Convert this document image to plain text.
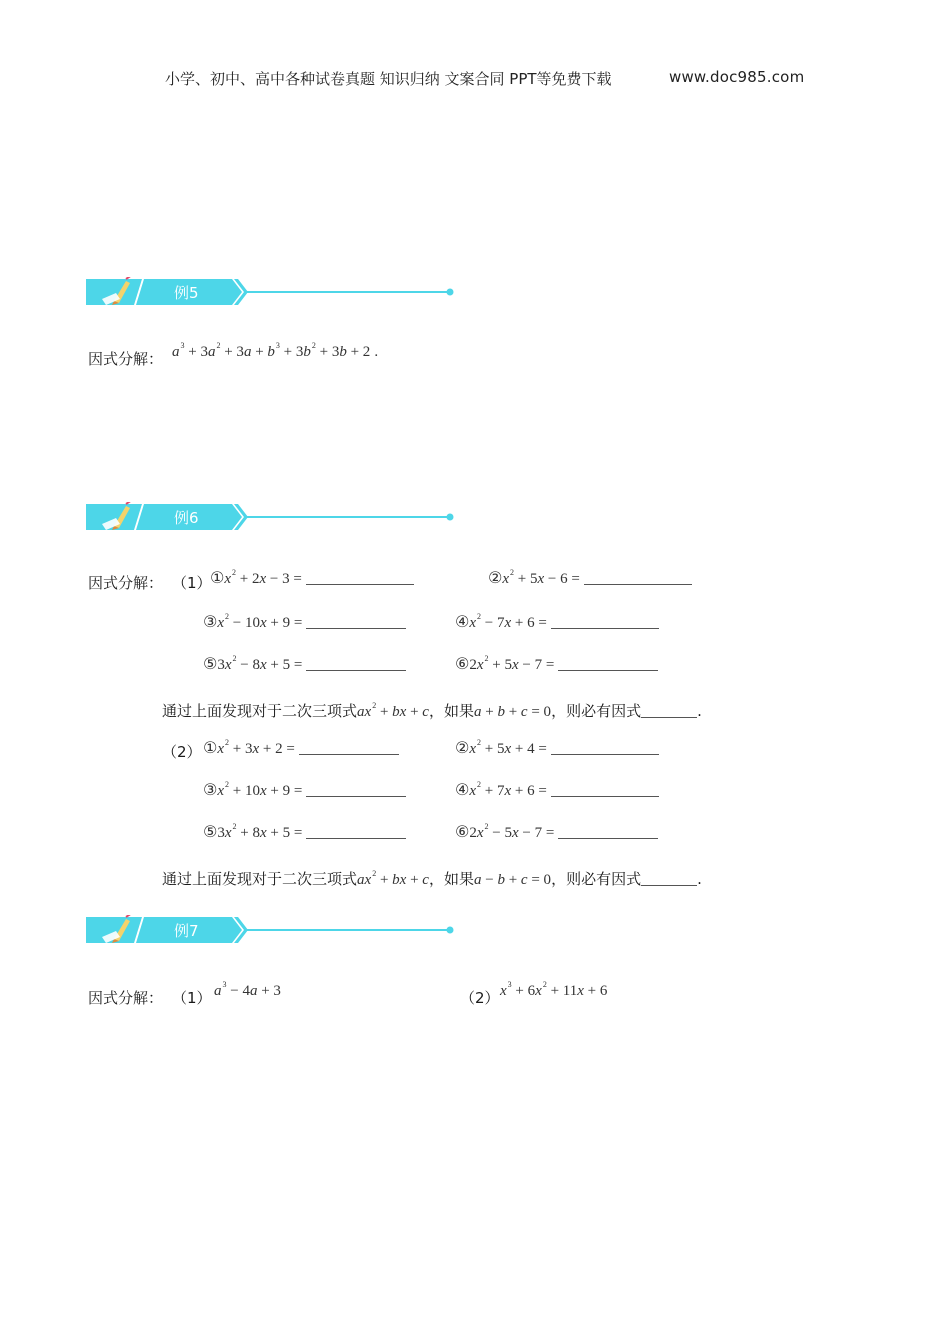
小学、初中、高中各种试卷真题 知识归纳 文案合同 PPT等免费下载	www.doc985.com
例5
因式分解： $a^3 + 3a^2 + 3a + b^3 + 3b^2 + 3b + 2$ .
例6
因式分解： （1）
$①x^2 + 2x - 3$ =	$②x^2 + 5x - 6$ =
$③x^2 - 10x + 9$ =	$④x^2 - 7x + 6$ =
$⑤3x^2 - 8x + 5$ =	$⑥2x^2 + 5x - 7$ =
通过上面发现对于二次三项式$ax^2$ + bx + c，如果a + b + c = 0，则必有因式	.
（2） $①x^2 + 3x + 2$ =	$②x^2 + 5x + 4$ =
$③x^2 + 10x + 9$ =	$④x^2 + 7x + 6$ =
$⑤3x^2 + 8x + 5$ =	$⑥2x^2 - 5x - 7$ =
通过上面发现对于二次三项式$ax^2$ + bx + c，如果a − b + c = 0，则必有因式	.
例7
因式分解： （1） $a^3 - 4a + 3$	（2） $x^3 + 6x^2 + 11x + 6$
